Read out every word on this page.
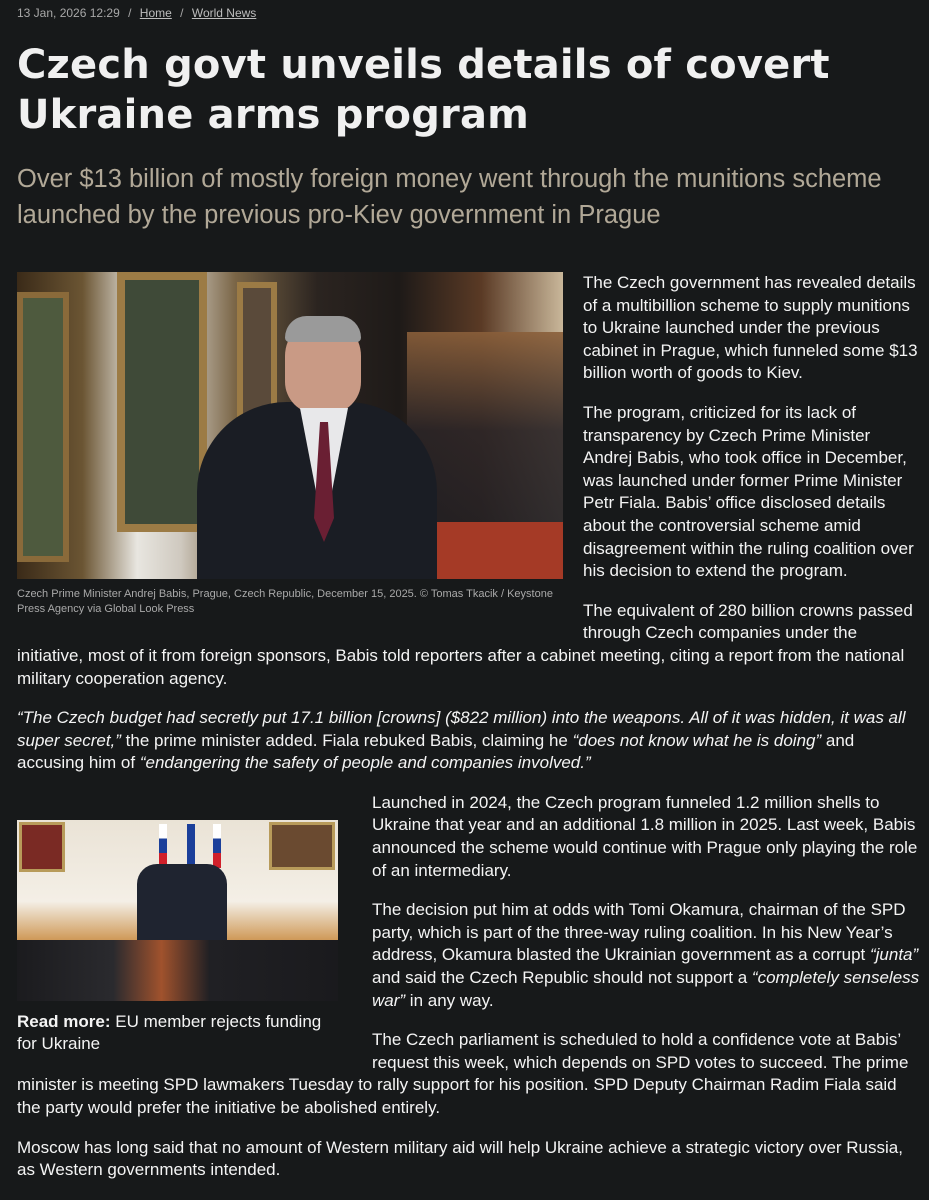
13 Jan, 2026 12:29 / Home / World News
Czech govt unveils details of covert Ukraine arms program
Over $13 billion of mostly foreign money went through the munitions scheme launched by the previous pro-Kiev government in Prague
Czech Prime Minister Andrej Babis, Prague, Czech Republic, December 15, 2025. © Tomas Tkacik / Keystone Press Agency via Global Look Press

The Czech government has revealed details of a multibillion scheme to supply munitions to Ukraine launched under the previous cabinet in Prague, which funneled some $13 billion worth of goods to Kiev.

The program, criticized for its lack of transparency by Czech Prime Minister Andrej Babis, who took office in December, was launched under former Prime Minister Petr Fiala. Babis’ office disclosed details about the controversial scheme amid disagreement within the ruling coalition over his decision to extend the program.

The equivalent of 280 billion crowns passed through Czech companies under the initiative, most of it from foreign sponsors, Babis told reporters after a cabinet meeting, citing a report from the national military cooperation agency.

“The Czech budget had secretly put 17.1 billion [crowns] ($822 million) into the weapons. All of it was hidden, it was all super secret,” the prime minister added. Fiala rebuked Babis, claiming he “does not know what he is doing” and accusing him of “endangering the safety of people and companies involved.”

Read more: EU member rejects funding for Ukraine

Launched in 2024, the Czech program funneled 1.2 million shells to Ukraine that year and an additional 1.8 million in 2025. Last week, Babis announced the scheme would continue with Prague only playing the role of an intermediary.

The decision put him at odds with Tomi Okamura, chairman of the SPD party, which is part of the three-way ruling coalition. In his New Year’s address, Okamura blasted the Ukrainian government as a corrupt “junta” and said the Czech Republic should not support a “completely senseless war” in any way.

The Czech parliament is scheduled to hold a confidence vote at Babis’ request this week, which depends on SPD votes to succeed. The prime minister is meeting SPD lawmakers Tuesday to rally support for his position. SPD Deputy Chairman Radim Fiala said the party would prefer the initiative be abolished entirely.

Moscow has long said that no amount of Western military aid will help Ukraine achieve a strategic victory over Russia, as Western governments intended.
